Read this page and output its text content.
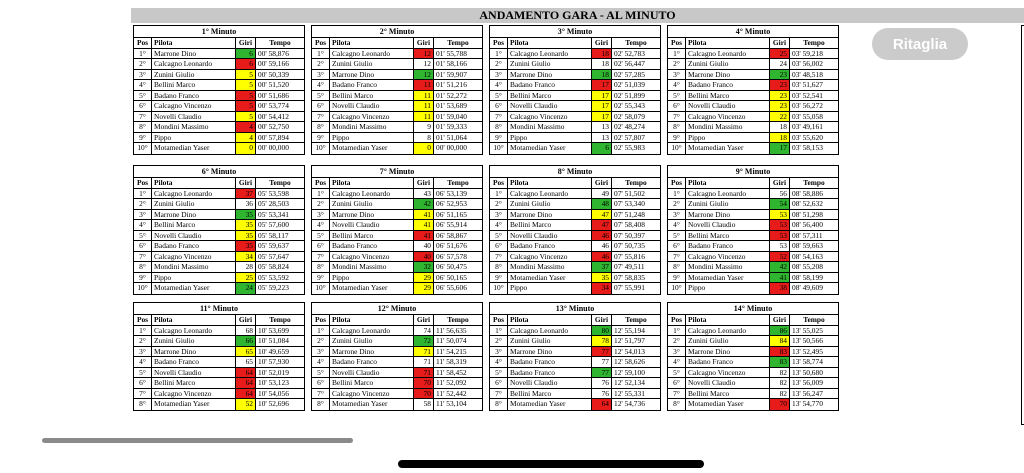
ANDAMENTO GARA - AL MINUTO
1° Minuto
Pos Pilota	Giri	Tempo
1°	Marrone Dino	6 00' 58,876
2°	Calcagno Leonardo	6 00' 59,166
3°	Zunini Giulio	5 00' 50,339
4°	Bellini Marco	5 00' 51,520
5°	Badano Franco	5 00' 51,686
6°	Calcagno Vincenzo	5 00' 53,774
7°	Novelli Claudio	5 00' 54,412
8°	Mondini Massimo	4 00' 52,750
9°	Pippo	4 00' 57,894
10° Motamedian Yaser	0 00' 00,000
2° Minuto
Pos Pilota	Giri	Tempo
1°	Calcagno Leonardo	12 01' 55,788
2°	Zunini Giulio	12 01' 58,166
3°	Marrone Dino	12 01' 59,907
4°	Badano Franco	11 01' 51,216
5°	Bellini Marco	11 01' 52,272
6°	Novelli Claudio	11 01' 53,689
7°	Calcagno Vincenzo	11 01' 59,040
8°	Mondini Massimo	9 01' 59,333
9°	Pippo	8 01' 51,064
10° Motamedian Yaser	0 00' 00,000
3° Minuto
Pos Pilota	Giri	Tempo
1°	Calcagno Leonardo	18 02' 52,783
2°	Zunini Giulio	18 02' 56,447
3°	Marrone Dino	18 02' 57,285
4°	Badano Franco	17 02' 51,039
5°	Bellini Marco	17 02' 51,899
6°	Novelli Claudio	17 02' 55,343
7°	Calcagno Vincenzo	17 02' 58,079
8°	Mondini Massimo	13 02' 48,274
9°	Pippo	13 02' 57,807
10° Motamedian Yaser	6 02' 55,983
4° Minuto
Pos Pilota	Giri	Tempo
1°	Calcagno Leonardo	25 03' 59,218
2°	Zunini Giulio	24 03' 56,002
3°	Marrone Dino	23 03' 48,518
4°	Badano Franco	23 03' 51,627
5°	Bellini Marco	23 03' 52,541
6°	Novelli Claudio	23 03' 56,272
7°	Calcagno Vincenzo	22 03' 55,058
8°	Mondini Massimo	18 03' 49,161
9°	Pippo	18 03' 55,620
10° Motamedian Yaser	17 03' 58,153
6° Minuto
Pos Pilota	Giri	Tempo
1°	Calcagno Leonardo	37 05' 53,598
2°	Zunini Giulio	36 05' 28,503
3°	Marrone Dino	35 05' 53,341
4°	Bellini Marco	35 05' 57,600
5°	Novelli Claudio	35 05' 58,117
6°	Badano Franco	35 05' 59,637
7°	Calcagno Vincenzo	34 05' 57,647
8°	Mondini Massimo	28 05' 58,824
9°	Pippo	25 05' 53,592
10° Motamedian Yaser	24 05' 59,223
7° Minuto
Pos Pilota	Giri	Tempo
1°	Calcagno Leonardo	43 06' 53,139
2°	Zunini Giulio	42 06' 52,953
3°	Marrone Dino	41 06' 51,165
4°	Novelli Claudio	41 06' 55,914
5°	Bellini Marco	41 06' 58,867
6°	Badano Franco	40 06' 51,676
7°	Calcagno Vincenzo	40 06' 57,578
8°	Mondini Massimo	32 06' 50,475
9°	Pippo	29 06' 50,165
10° Motamedian Yaser	29 06' 55,606
8° Minuto
Pos Pilota	Giri	Tempo
1°	Calcagno Leonardo	49 07' 51,502
2°	Zunini Giulio	48 07' 53,340
3°	Marrone Dino	47 07' 51,248
4°	Bellini Marco	47 07' 58,408
5°	Novelli Claudio	46 07' 50,397
6°	Badano Franco	46 07' 50,735
7°	Calcagno Vincenzo	46 07' 55,816
8°	Mondini Massimo	37 07' 49,511
9°	Motamedian Yaser	35 07' 58,835
10° Pippo	34 07' 55,991
9° Minuto
Pos Pilota	Giri	Tempo
1°	Calcagno Leonardo	56 08' 58,886
2°	Zunini Giulio	54 08' 52,632
3°	Marrone Dino	53 08' 51,298
4°	Novelli Claudio	53 08' 56,400
5°	Bellini Marco	53 08' 57,311
6°	Badano Franco	53 08' 59,663
7°	Calcagno Vincenzo	52 08' 54,163
8°	Mondini Massimo	42 08' 55,208
9°	Motamedian Yaser	41 08' 58,199
10° Pippo	38 08' 49,609
11° Minuto
Pos Pilota	Giri	Tempo
1°	Calcagno Leonardo	68 10' 53,699
2°	Zunini Giulio	66 10' 51,084
3°	Marrone Dino	65 10' 49,659
4°	Badano Franco	65 10' 57,930
5°	Novelli Claudio	64 10' 52,019
6°	Bellini Marco	64 10' 53,123
7°	Calcagno Vincenzo	64 10' 54,056
8°	Motamedian Yaser	52 10' 52,696
12° Minuto
Pos Pilota	Giri	Tempo
1°	Calcagno Leonardo	74 11' 56,635
2°	Zunini Giulio	72 11' 50,074
3°	Marrone Dino	71 11' 54,215
4°	Badano Franco	71 11' 58,319
5°	Novelli Claudio	71 11' 58,452
6°	Bellini Marco	70 11' 52,092
7°	Calcagno Vincenzo	70 11' 52,442
8°	Motamedian Yaser	58 11' 53,104
13° Minuto
Pos Pilota	Giri	Tempo
1°	Calcagno Leonardo	80 12' 55,194
2°	Zunini Giulio	78 12' 51,797
3°	Marrone Dino	77 12' 54,013
4°	Badano Franco	77 12' 58,626
5°	Badano Franco	77 12' 59,100
6°	Novelli Claudio	76 12' 52,134
7°	Bellini Marco	76 12' 55,331
8°	Motamedian Yaser	64 12' 54,736
14° Minuto
Pos Pilota	Giri	Tempo
1°	Calcagno Leonardo	86 13' 55,025
2°	Zunini Giulio	84 13' 50,566
3°	Marrone Dino	83 13' 52,495
4°	Badano Franco	83 13' 58,774
5°	Calcagno Vincenzo	82 13' 50,680
6°	Novelli Claudio	82 13' 56,009
7°	Bellini Marco	82 13' 56,247
8°	Motamedian Yaser	70 13' 54,770
Ritaglia
